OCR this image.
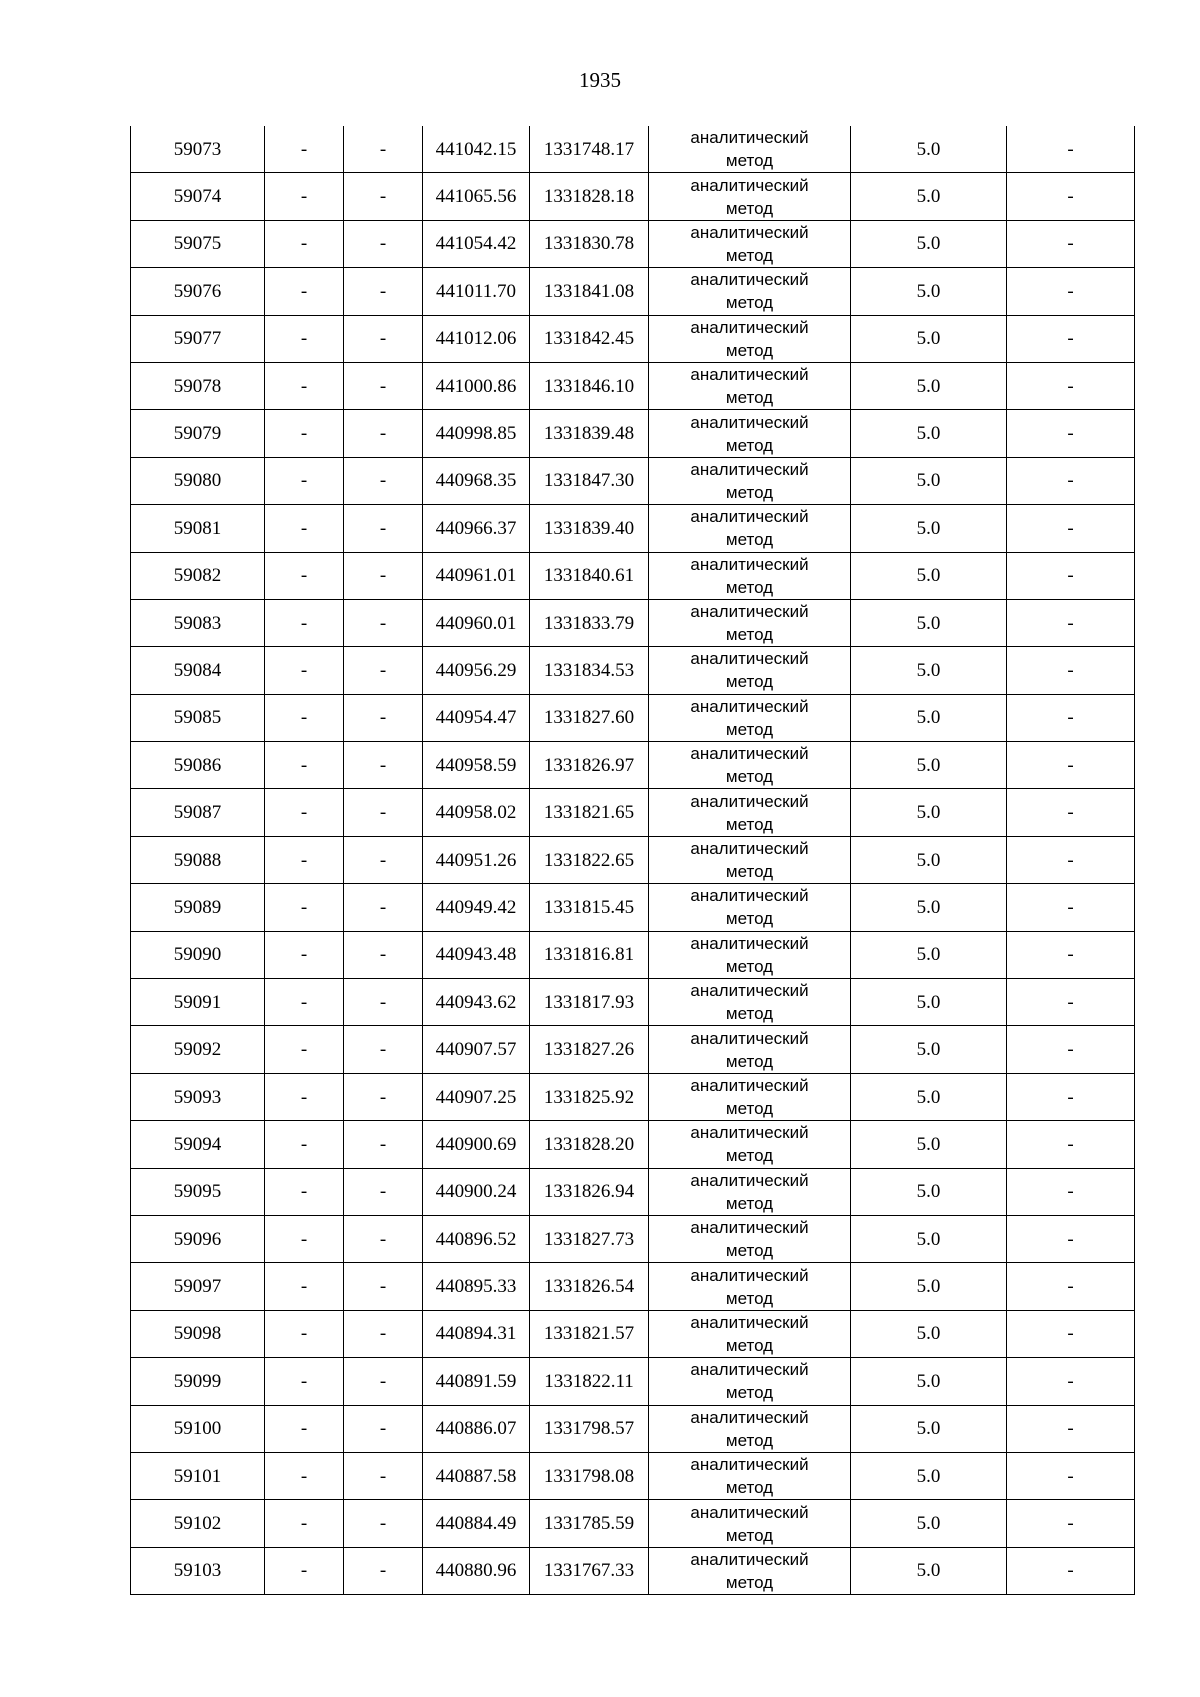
1935
59073	-	-	441042.15	1331748.17	аналитический
метод	5.0	-
59074	-	-	441065.56	1331828.18	аналитический
метод	5.0	-
59075	-	-	441054.42	1331830.78	аналитический
метод	5.0	-
59076	-	-	441011.70	1331841.08	аналитический
метод	5.0	-
59077	-	-	441012.06	1331842.45	аналитический
метод	5.0	-
59078	-	-	441000.86	1331846.10	аналитический
метод	5.0	-
59079	-	-	440998.85	1331839.48	аналитический
метод	5.0	-
59080	-	-	440968.35	1331847.30	аналитический
метод	5.0	-
59081	-	-	440966.37	1331839.40	аналитический
метод	5.0	-
59082	-	-	440961.01	1331840.61	аналитический
метод	5.0	-
59083	-	-	440960.01	1331833.79	аналитический
метод	5.0	-
59084	-	-	440956.29	1331834.53	аналитический
метод	5.0	-
59085	-	-	440954.47	1331827.60	аналитический
метод	5.0	-
59086	-	-	440958.59	1331826.97	аналитический
метод	5.0	-
59087	-	-	440958.02	1331821.65	аналитический
метод	5.0	-
59088	-	-	440951.26	1331822.65	аналитический
метод	5.0	-
59089	-	-	440949.42	1331815.45	аналитический
метод	5.0	-
59090	-	-	440943.48	1331816.81	аналитический
метод	5.0	-
59091	-	-	440943.62	1331817.93	аналитический
метод	5.0	-
59092	-	-	440907.57	1331827.26	аналитический
метод	5.0	-
59093	-	-	440907.25	1331825.92	аналитический
метод	5.0	-
59094	-	-	440900.69	1331828.20	аналитический
метод	5.0	-
59095	-	-	440900.24	1331826.94	аналитический
метод	5.0	-
59096	-	-	440896.52	1331827.73	аналитический
метод	5.0	-
59097	-	-	440895.33	1331826.54	аналитический
метод	5.0	-
59098	-	-	440894.31	1331821.57	аналитический
метод	5.0	-
59099	-	-	440891.59	1331822.11	аналитический
метод	5.0	-
59100	-	-	440886.07	1331798.57	аналитический
метод	5.0	-
59101	-	-	440887.58	1331798.08	аналитический
метод	5.0	-
59102	-	-	440884.49	1331785.59	аналитический
метод	5.0	-
59103	-	-	440880.96	1331767.33	аналитический
метод	5.0	-
